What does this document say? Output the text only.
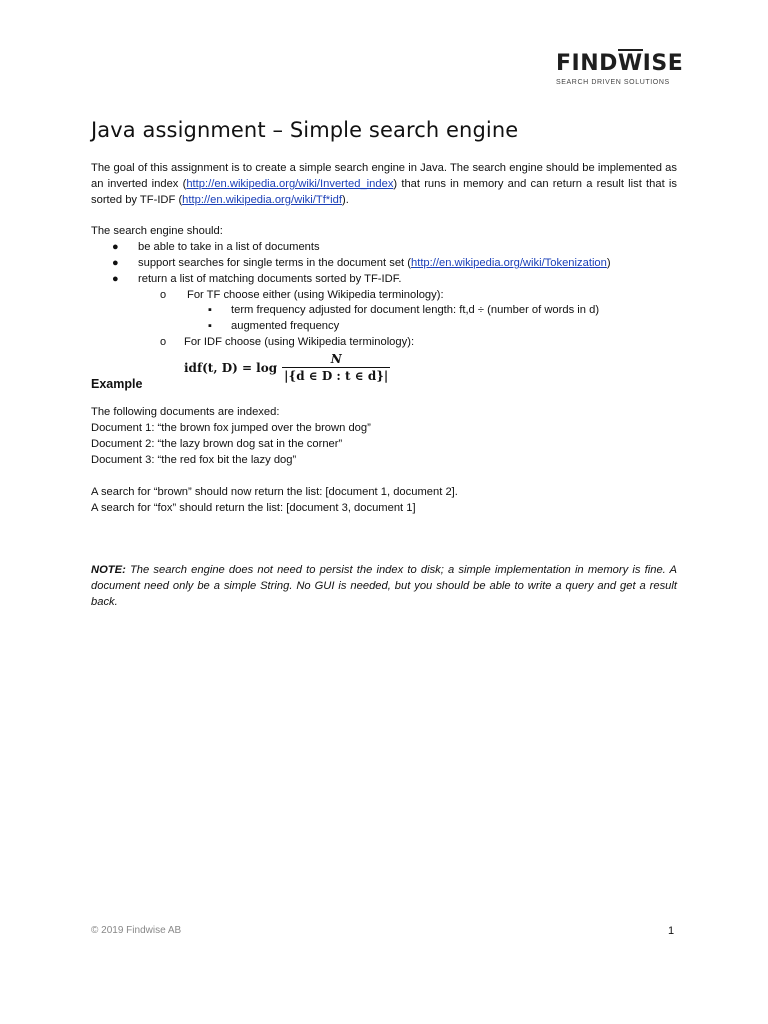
FINDWISE
SEARCH DRIVEN SOLUTIONS
Java assignment – Simple search engine
The goal of this assignment is to create a simple search engine in Java. The search engine should be implemented as an inverted index (http://en.wikipedia.org/wiki/Inverted_index) that runs in memory and can return a result list that is sorted by TF-IDF (http://en.wikipedia.org/wiki/Tf*idf).
The search engine should:
● be able to take in a list of documents
● support searches for single terms in the document set (http://en.wikipedia.org/wiki/Tokenization)
● return a list of matching documents sorted by TF-IDF.
o For TF choose either (using Wikipedia terminology):
▪ term frequency adjusted for document length: ft,d ÷ (number of words in d)
▪ augmented frequency
o For IDF choose (using Wikipedia terminology):
idf(t, $D) = \log \frac{N}{|\{d \in D : t \in d\}|}$
Example
The following documents are indexed:
Document 1: “the brown fox jumped over the brown dog”
Document 2: “the lazy brown dog sat in the corner”
Document 3: “the red fox bit the lazy dog”
A search for “brown” should now return the list: [document 1, document 2].
A search for “fox” should return the list: [document 3, document 1]
NOTE: The search engine does not need to persist the index to disk; a simple implementation in memory is fine. A document need only be a simple String. No GUI is needed, but you should be able to write a query and get a result back.
© 2019 Findwise AB	1
